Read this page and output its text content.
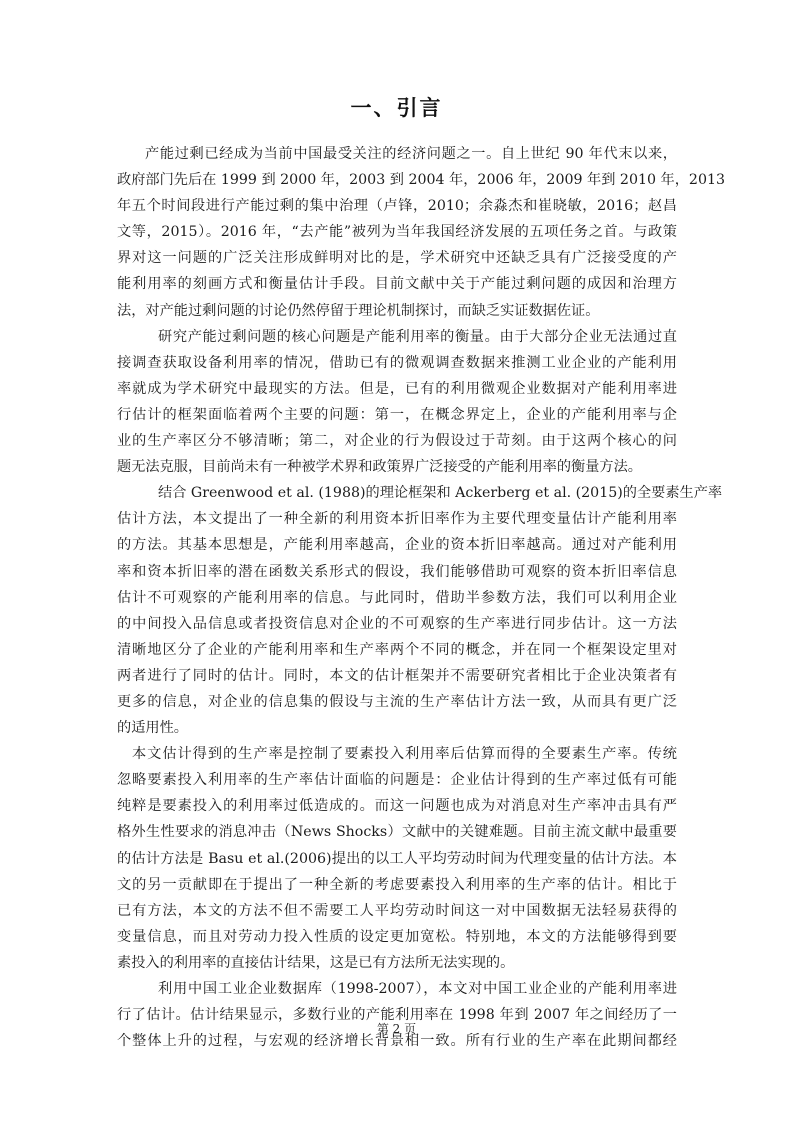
一、引言
产能过剩已经成为当前中国最受关注的经济问题之一。自上世纪 90 年代末以来，
政府部门先后在 1999 到 2000 年，2003 到 2004 年，2006 年，2009 年到 2010 年，2013
年五个时间段进行产能过剩的集中治理（卢锋，2010；余淼杰和崔晓敏，2016；赵昌
文等，2015）。2016 年，“去产能”被列为当年我国经济发展的五项任务之首。与政策
界对这一问题的广泛关注形成鲜明对比的是，学术研究中还缺乏具有广泛接受度的产
能利用率的刻画方式和衡量估计手段。目前文献中关于产能过剩问题的成因和治理方
法，对产能过剩问题的讨论仍然停留于理论机制探讨，而缺乏实证数据佐证。
研究产能过剩问题的核心问题是产能利用率的衡量。由于大部分企业无法通过直
接调查获取设备利用率的情况，借助已有的微观调查数据来推测工业企业的产能利用
率就成为学术研究中最现实的方法。但是，已有的利用微观企业数据对产能利用率进
行估计的框架面临着两个主要的问题：第一，在概念界定上，企业的产能利用率与企
业的生产率区分不够清晰；第二，对企业的行为假设过于苛刻。由于这两个核心的问
题无法克服，目前尚未有一种被学术界和政策界广泛接受的产能利用率的衡量方法。
结合 Greenwood et al. (1988)的理论框架和 Ackerberg et al. (2015)的全要素生产率
估计方法，本文提出了一种全新的利用资本折旧率作为主要代理变量估计产能利用率
的方法。其基本思想是，产能利用率越高，企业的资本折旧率越高。通过对产能利用
率和资本折旧率的潜在函数关系形式的假设，我们能够借助可观察的资本折旧率信息
估计不可观察的产能利用率的信息。与此同时，借助半参数方法，我们可以利用企业
的中间投入品信息或者投资信息对企业的不可观察的生产率进行同步估计。这一方法
清晰地区分了企业的产能利用率和生产率两个不同的概念，并在同一个框架设定里对
两者进行了同时的估计。同时，本文的估计框架并不需要研究者相比于企业决策者有
更多的信息，对企业的信息集的假设与主流的生产率估计方法一致，从而具有更广泛
的适用性。
本文估计得到的生产率是控制了要素投入利用率后估算而得的全要素生产率。传统
忽略要素投入利用率的生产率估计面临的问题是：企业估计得到的生产率过低有可能
纯粹是要素投入的利用率过低造成的。而这一问题也成为对消息对生产率冲击具有严
格外生性要求的消息冲击（News Shocks）文献中的关键难题。目前主流文献中最重要
的估计方法是 Basu et al.(2006)提出的以工人平均劳动时间为代理变量的估计方法。本
文的另一贡献即在于提出了一种全新的考虑要素投入利用率的生产率的估计。相比于
已有方法，本文的方法不但不需要工人平均劳动时间这一对中国数据无法轻易获得的
变量信息，而且对劳动力投入性质的设定更加宽松。特别地，本文的方法能够得到要
素投入的利用率的直接估计结果，这是已有方法所无法实现的。
利用中国工业企业数据库（1998-2007），本文对中国工业企业的产能利用率进
行了估计。估计结果显示，多数行业的产能利用率在 1998 年到 2007 年之间经历了一
个整体上升的过程，与宏观的经济增长背景相一致。所有行业的生产率在此期间都经
第 2 页
